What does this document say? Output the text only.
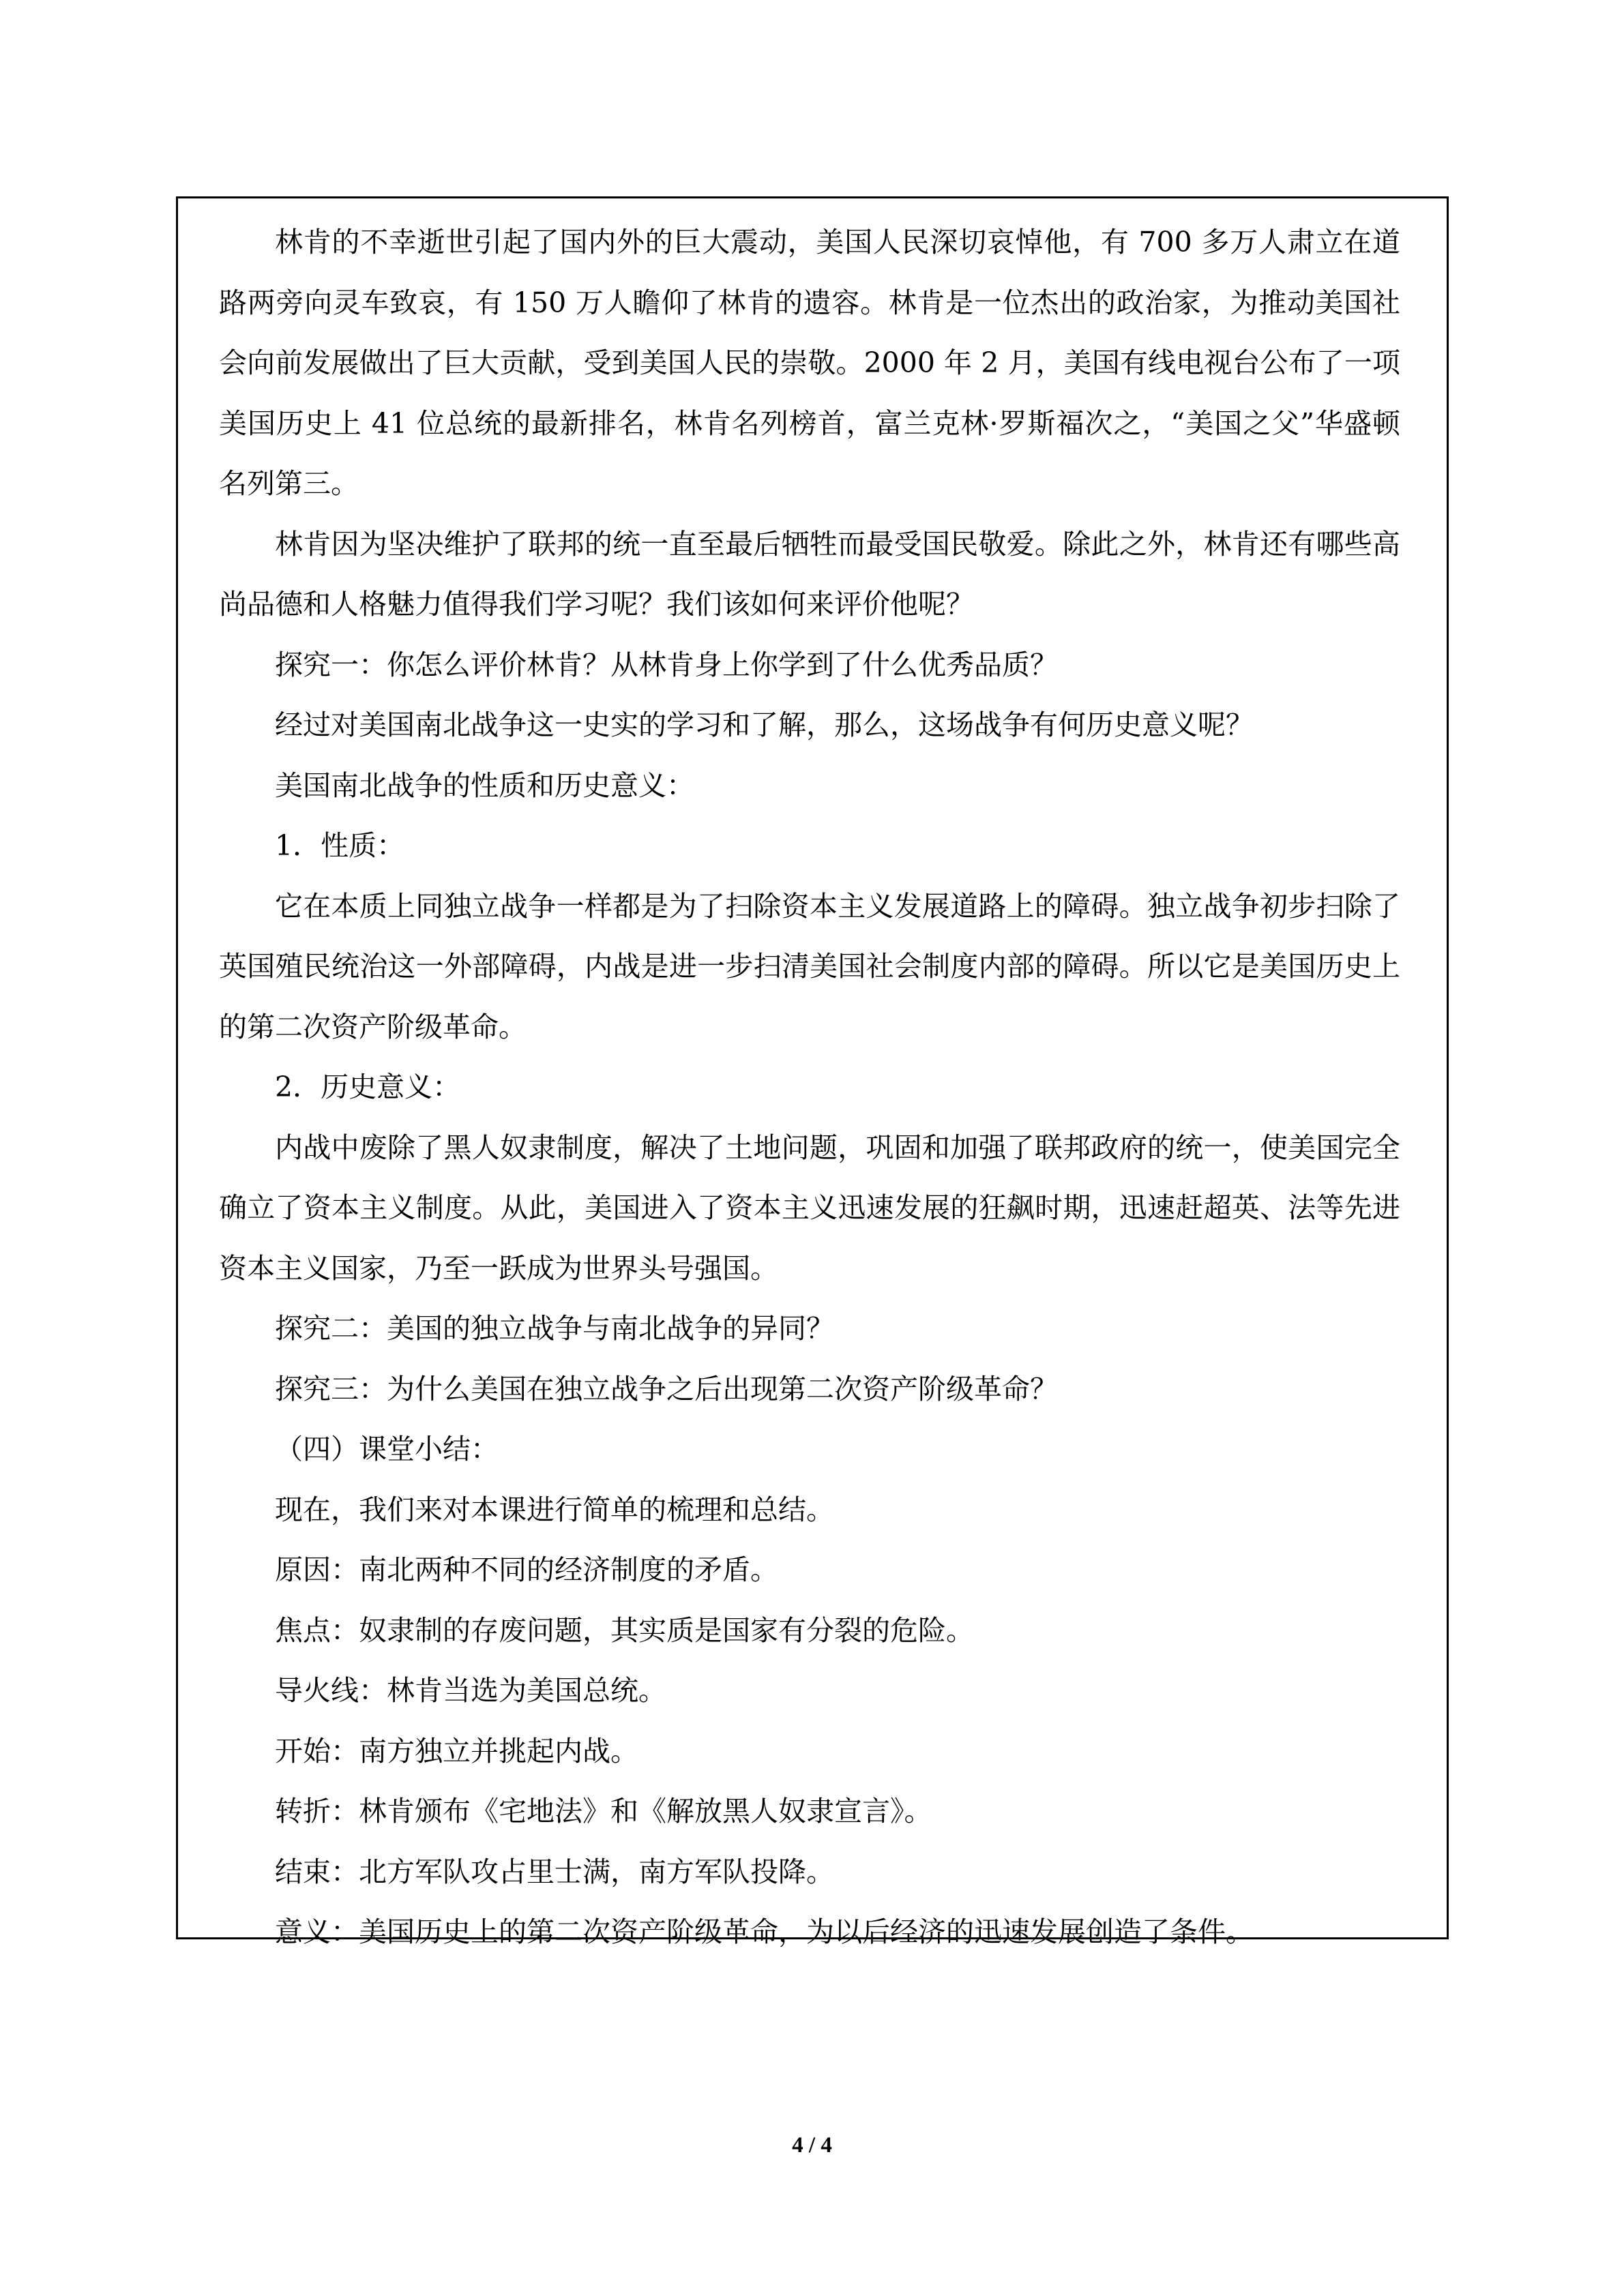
林肯的不幸逝世引起了国内外的巨大震动，美国人民深切哀悼他，有 700 多万人肃立在道路两旁向灵车致哀，有 150 万人瞻仰了林肯的遗容。林肯是一位杰出的政治家，为推动美国社会向前发展做出了巨大贡献，受到美国人民的崇敬。2000 年 2 月，美国有线电视台公布了一项美国历史上 41 位总统的最新排名，林肯名列榜首，富兰克林·罗斯福次之，“美国之父”华盛顿名列第三。

林肯因为坚决维护了联邦的统一直至最后牺牲而最受国民敬爱。除此之外，林肯还有哪些高尚品德和人格魅力值得我们学习呢？我们该如何来评价他呢？

探究一：你怎么评价林肯？从林肯身上你学到了什么优秀品质？

经过对美国南北战争这一史实的学习和了解，那么，这场战争有何历史意义呢？

美国南北战争的性质和历史意义：

1．性质：

它在本质上同独立战争一样都是为了扫除资本主义发展道路上的障碍。独立战争初步扫除了英国殖民统治这一外部障碍，内战是进一步扫清美国社会制度内部的障碍。所以它是美国历史上的第二次资产阶级革命。

2．历史意义：

内战中废除了黑人奴隶制度，解决了土地问题，巩固和加强了联邦政府的统一，使美国完全确立了资本主义制度。从此，美国进入了资本主义迅速发展的狂飙时期，迅速赶超英、法等先进资本主义国家，乃至一跃成为世界头号强国。

探究二：美国的独立战争与南北战争的异同？

探究三：为什么美国在独立战争之后出现第二次资产阶级革命？

（四）课堂小结：

现在，我们来对本课进行简单的梳理和总结。

原因：南北两种不同的经济制度的矛盾。

焦点：奴隶制的存废问题，其实质是国家有分裂的危险。

导火线：林肯当选为美国总统。

开始：南方独立并挑起内战。

转折：林肯颁布《宅地法》和《解放黑人奴隶宣言》。

结束：北方军队攻占里士满，南方军队投降。

意义：美国历史上的第二次资产阶级革命，为以后经济的迅速发展创造了条件。

4 / 4
